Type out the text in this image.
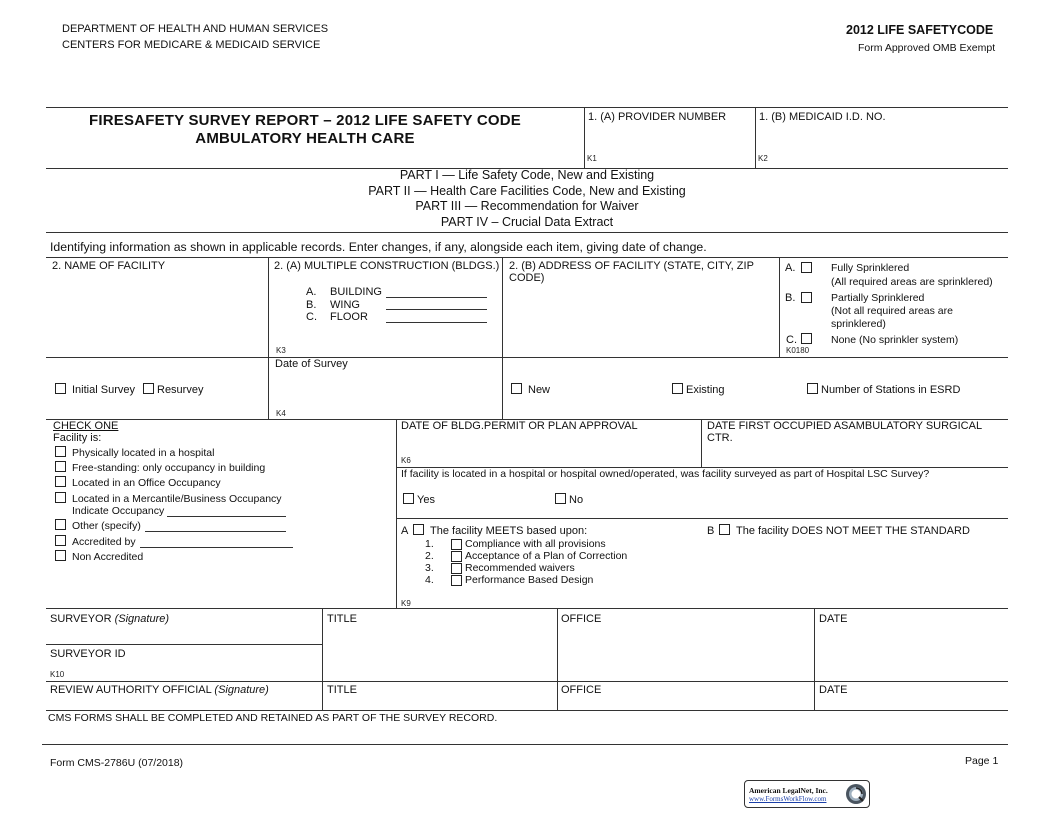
DEPARTMENT OF HEALTH AND HUMAN SERVICES
CENTERS FOR MEDICARE & MEDICAID SERVICE
2012 LIFE SAFETYCODE
Form Approved OMB Exempt
FIRESAFETY SURVEY REPORT – 2012 LIFE SAFETY CODE
AMBULATORY HEALTH CARE
1. (A) PROVIDER NUMBER
K1
1. (B) MEDICAID I.D. NO.
K2
PART I — Life Safety Code, New and Existing
PART II — Health Care Facilities Code, New and Existing
PART III — Recommendation for Waiver
PART IV – Crucial Data Extract
Identifying information as shown in applicable records. Enter changes, if any, alongside each item, giving date of change.
2. NAME OF FACILITY	2. (A) MULTIPLE CONSTRUCTION (BLDGS.)
A. BUILDING
B. WING
C. FLOOR
K3
2. (B) ADDRESS OF FACILITY (STATE, CITY, ZIP CODE)
A.	Fully Sprinklered
(All required areas are sprinklered)
B.	Partially Sprinklered
(Not all required areas are sprinklered)
C.	None (No sprinkler system)
K0180
Initial Survey Resurvey
Date of Survey
K4
New	Existing	Number of Stations in ESRD
CHECK ONE
Facility is:
Physically located in a hospital
Free-standing: only occupancy in building
Located in an Office Occupancy
Located in a Mercantile/Business Occupancy
Indicate Occupancy
Other (specify)
Accredited by
Non Accredited
DATE OF BLDG.PERMIT OR PLAN APPROVAL
K6
DATE FIRST OCCUPIED ASAMBULATORY SURGICAL CTR.
If facility is located in a hospital or hospital owned/operated, was facility surveyed as part of Hospital LSC Survey?
Yes	No
A The facility MEETS based upon:
1.	Compliance with all provisions
2.	Acceptance of a Plan of Correction
3.	Recommended waivers
4.	Performance Based Design
B The facility DOES NOT MEET THE STANDARD
K9
SURVEYOR (Signature)	TITLE	OFFICE	DATE
SURVEYOR ID
K10
REVIEW AUTHORITY OFFICIAL (Signature)	TITLE	OFFICE	DATE
CMS FORMS SHALL BE COMPLETED AND RETAINED AS PART OF THE SURVEY RECORD.
Form CMS-2786U (07/2018)	Page 1
American LegalNet, Inc.
www.FormsWorkFlow.com
